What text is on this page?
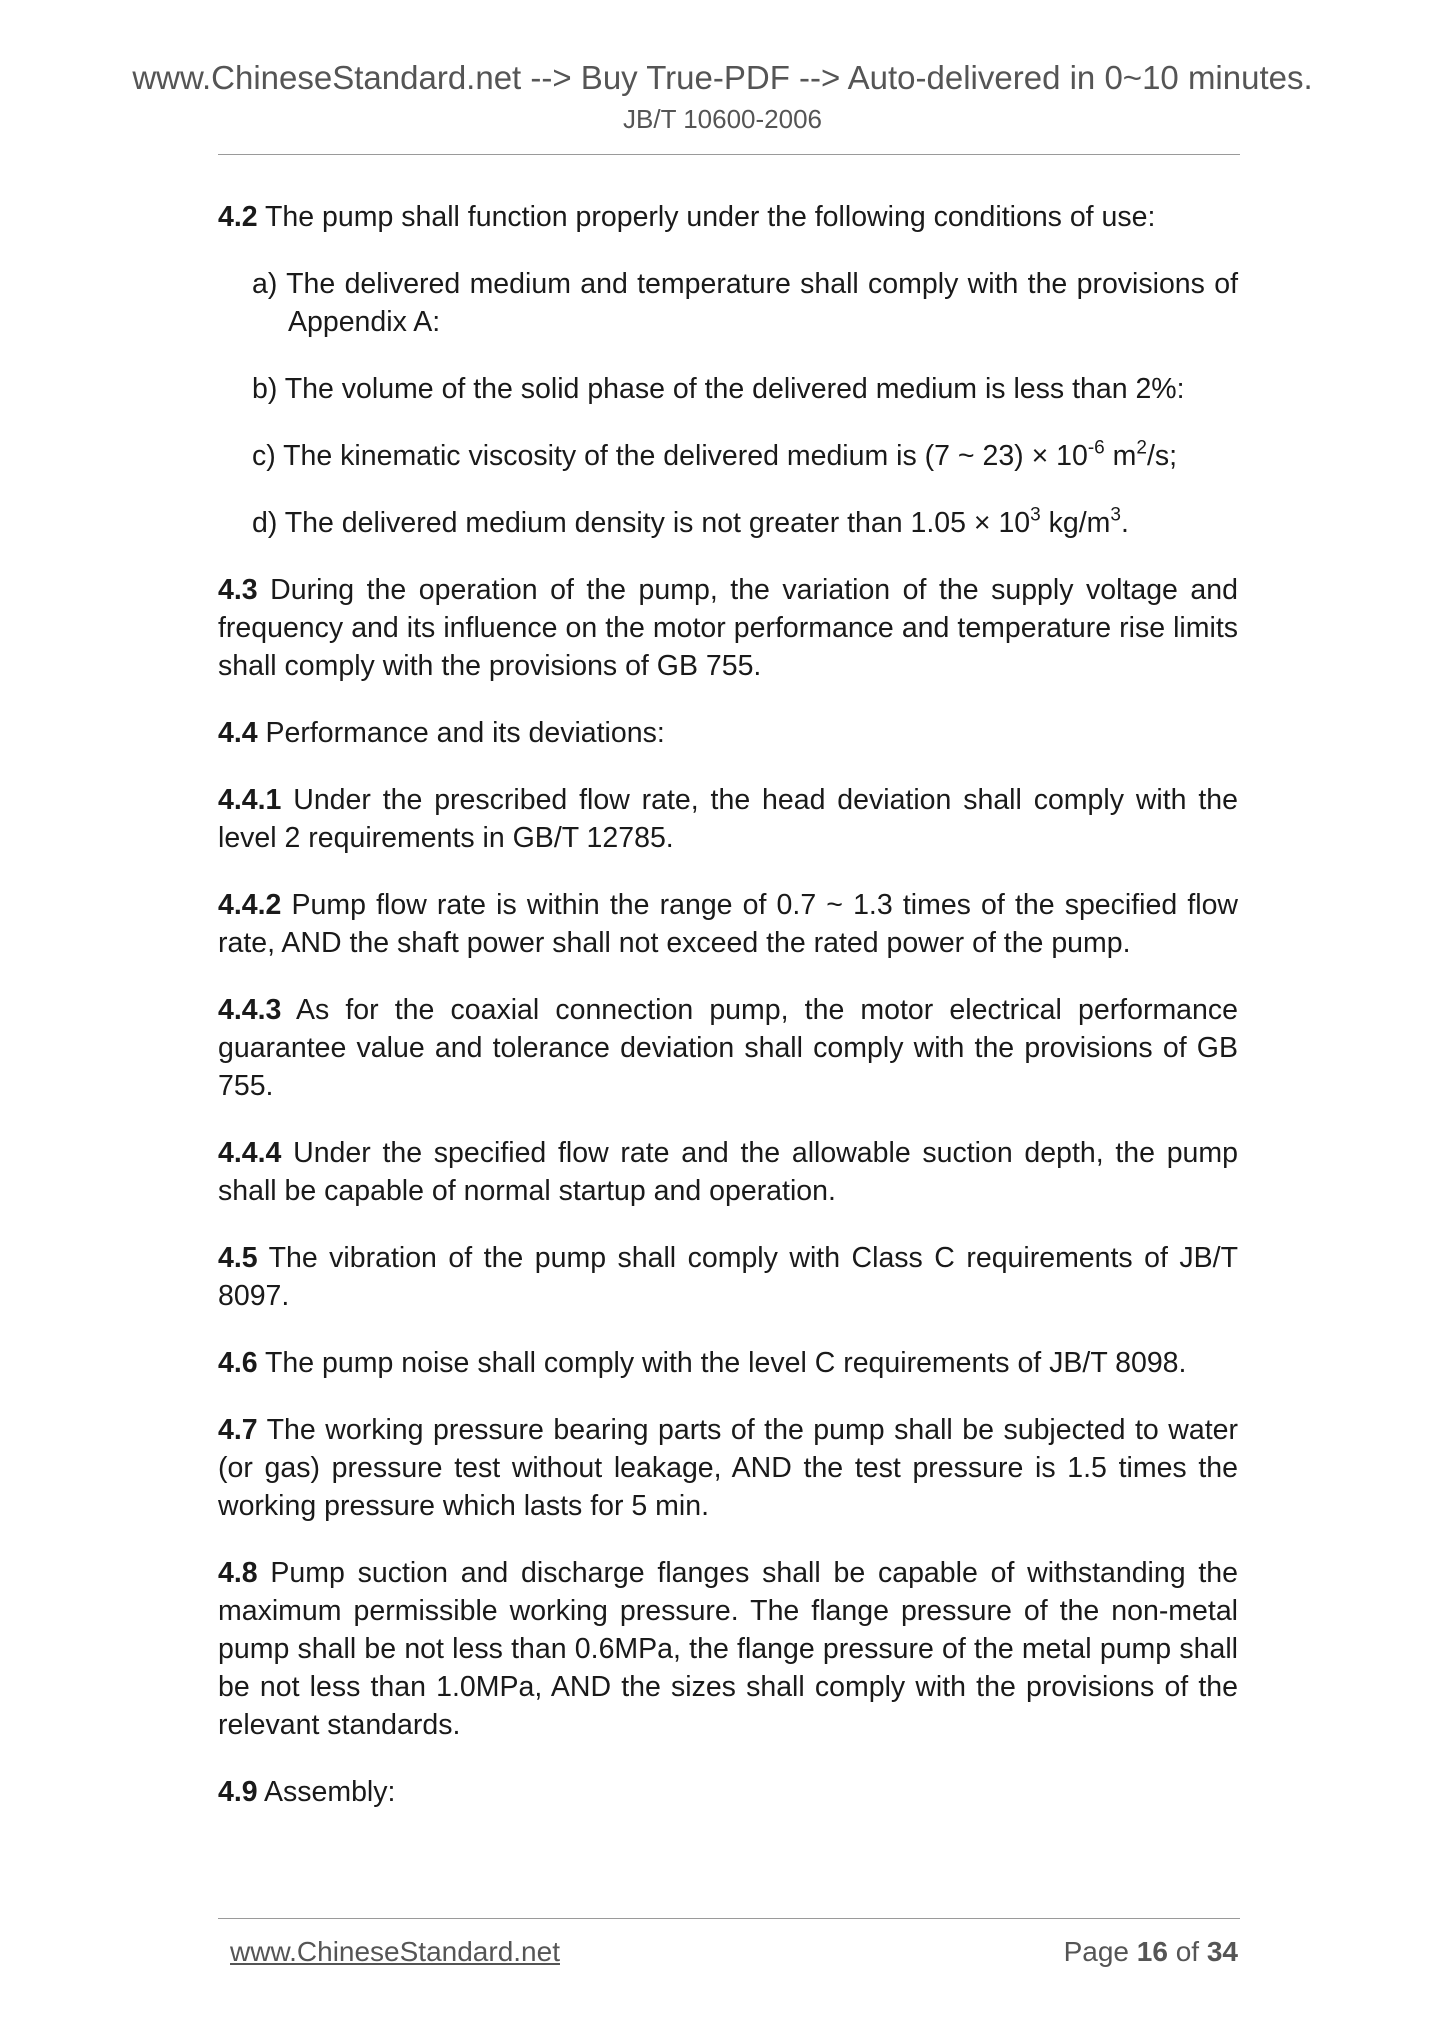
www.ChineseStandard.net --> Buy True-PDF --> Auto-delivered in 0~10 minutes.
JB/T 10600-2006

4.2 The pump shall function properly under the following conditions of use:

a) The delivered medium and temperature shall comply with the provisions of Appendix A:

b) The volume of the solid phase of the delivered medium is less than 2%:

c) The kinematic viscosity of the delivered medium is (7 ~ $23) \times 10^{-6}$ $m^2/s$;

d) The delivered medium density is not greater than $1.05 \times 10^3$ $kg/m^3$.

4.3 During the operation of the pump, the variation of the supply voltage and frequency and its influence on the motor performance and temperature rise limits shall comply with the provisions of GB 755.

4.4 Performance and its deviations:

4.4.1 Under the prescribed flow rate, the head deviation shall comply with the level 2 requirements in GB/T 12785.

4.4.2 Pump flow rate is within the range of 0.7 ~ 1.3 times of the specified flow rate, AND the shaft power shall not exceed the rated power of the pump.

4.4.3 As for the coaxial connection pump, the motor electrical performance guarantee value and tolerance deviation shall comply with the provisions of GB 755.

4.4.4 Under the specified flow rate and the allowable suction depth, the pump shall be capable of normal startup and operation.

4.5 The vibration of the pump shall comply with Class C requirements of JB/T 8097.

4.6 The pump noise shall comply with the level C requirements of JB/T 8098.

4.7 The working pressure bearing parts of the pump shall be subjected to water (or gas) pressure test without leakage, AND the test pressure is 1.5 times the working pressure which lasts for 5 min.

4.8 Pump suction and discharge flanges shall be capable of withstanding the maximum permissible working pressure. The flange pressure of the non-metal pump shall be not less than 0.6MPa, the flange pressure of the metal pump shall be not less than 1.0MPa, AND the sizes shall comply with the provisions of the relevant standards.

4.9 Assembly:

www.ChineseStandard.net	Page 16 of 34
